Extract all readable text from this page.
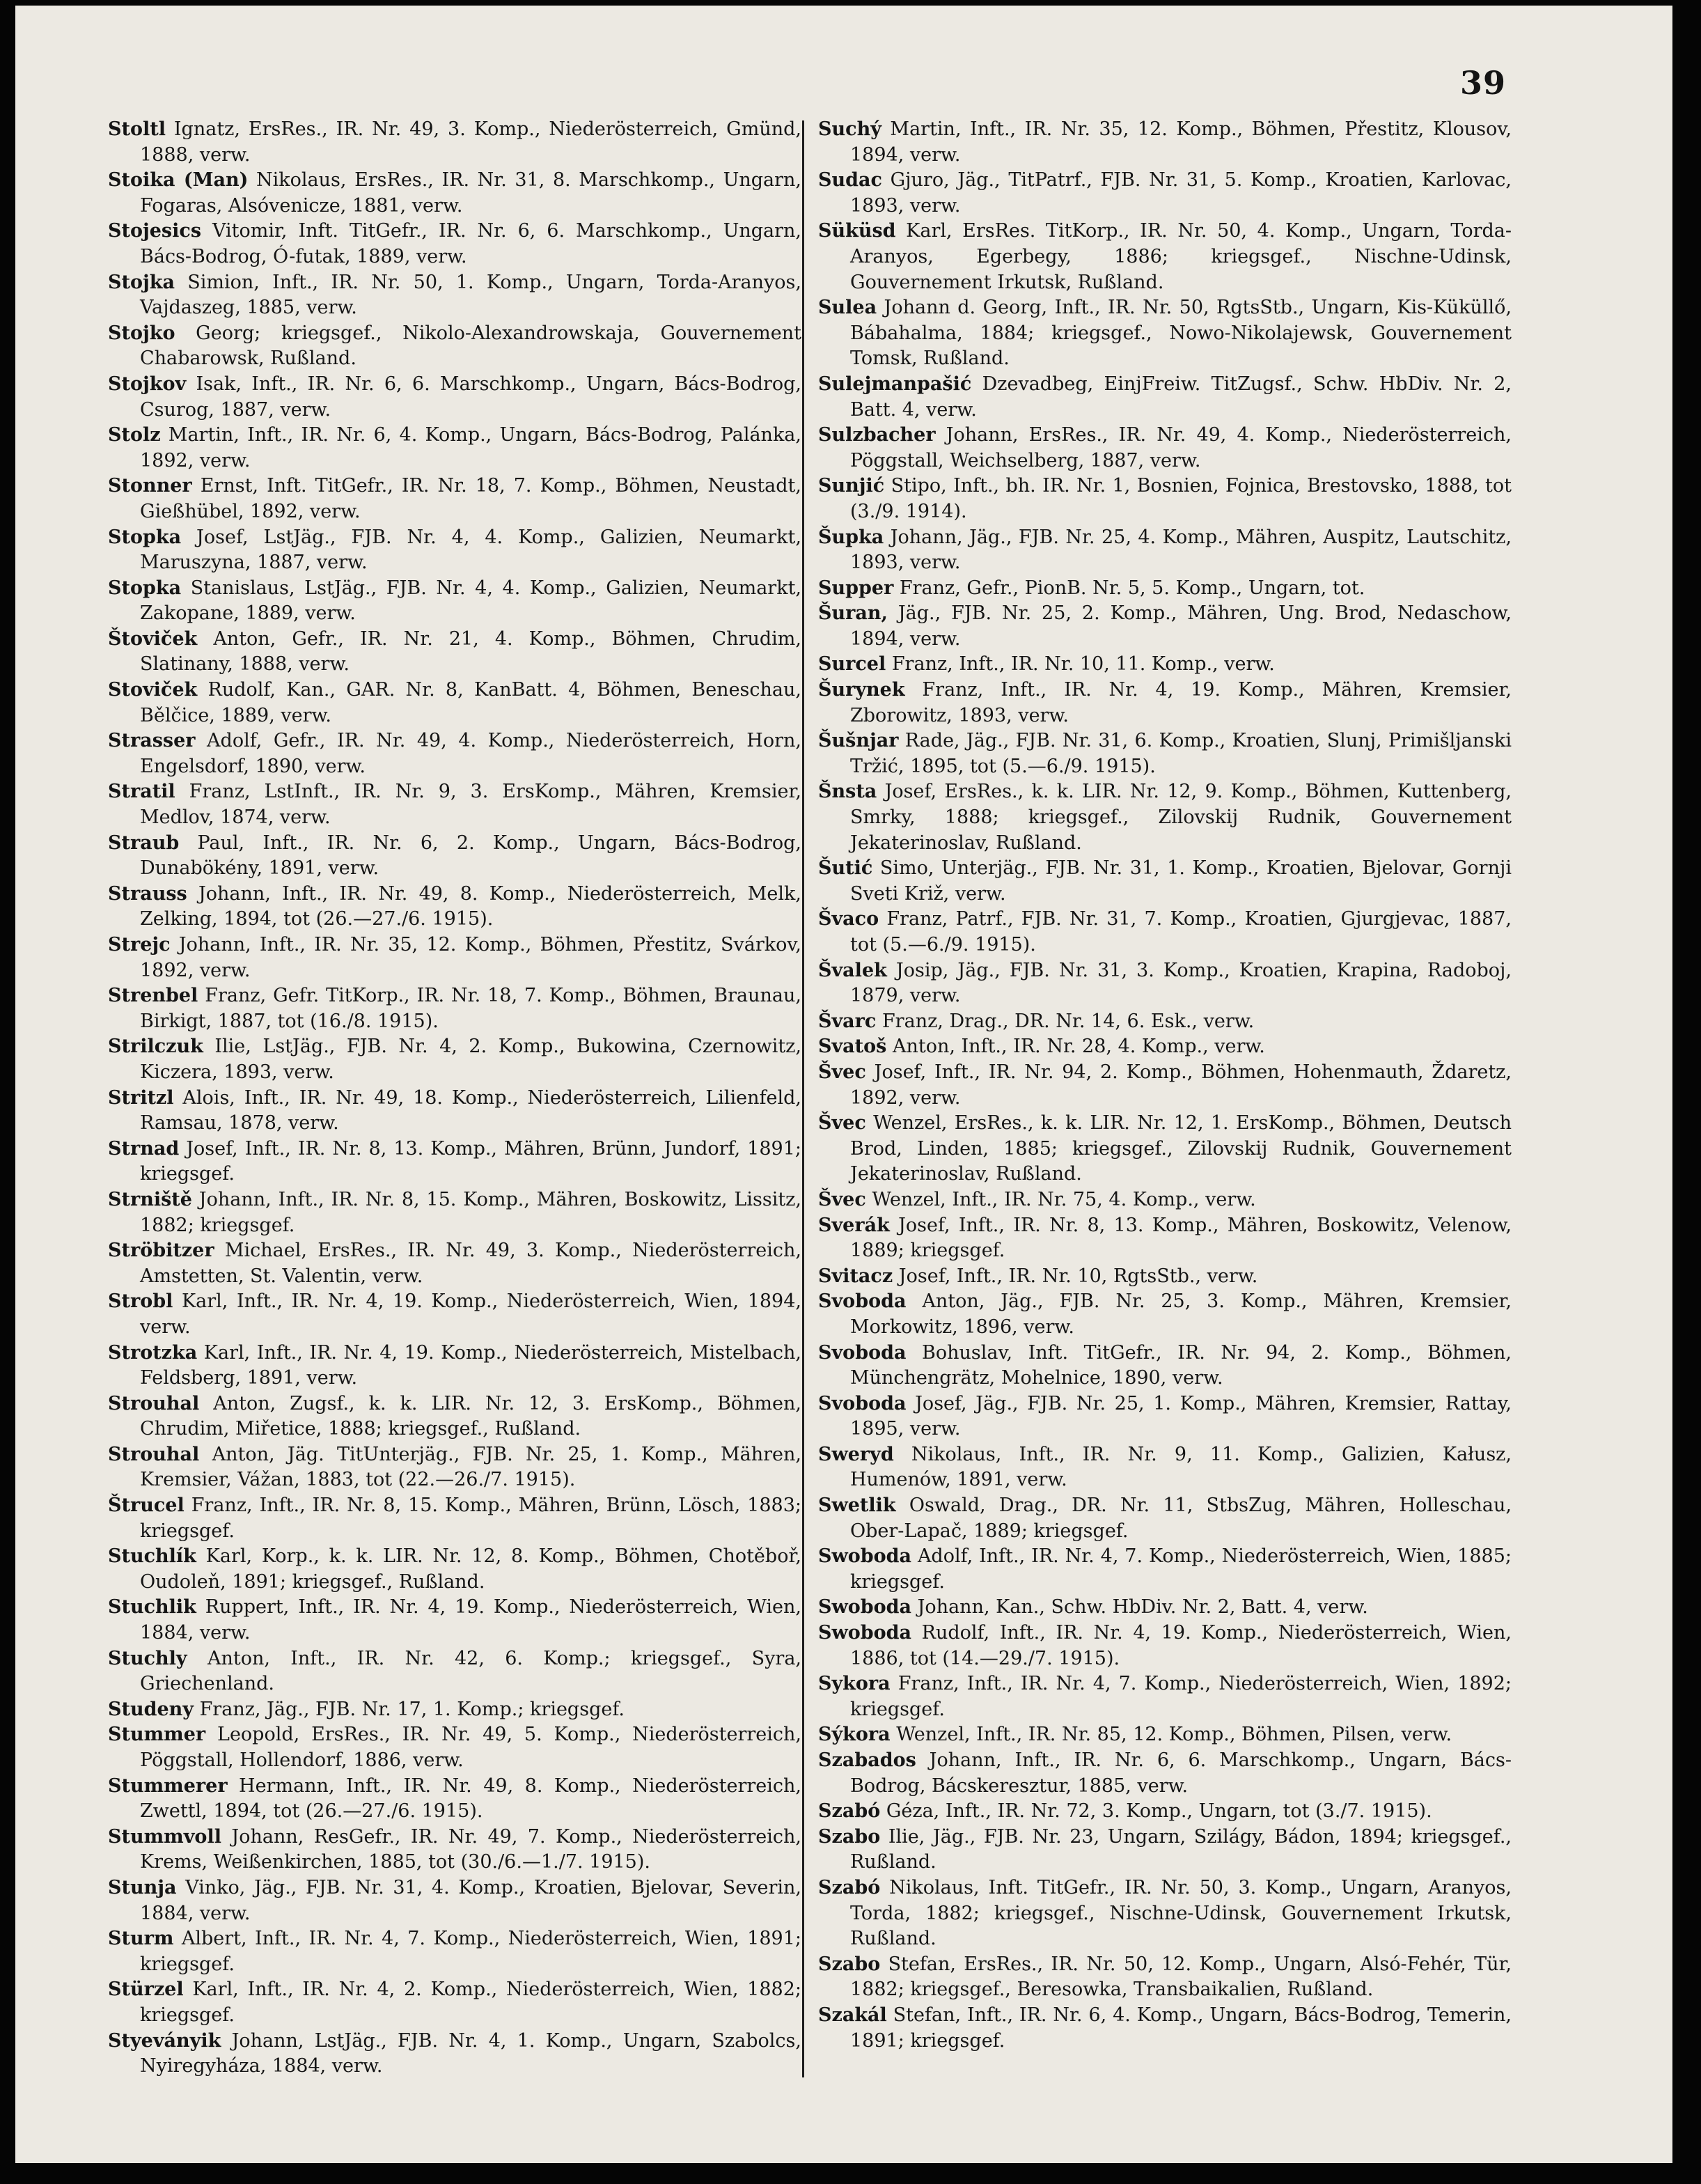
39

Stoltl Ignatz, ErsRes., IR. Nr. 49, 3. Komp., Niederösterreich, Gmünd, 1888, verw.

Stoika (Man) Nikolaus, ErsRes., IR. Nr. 31, 8. Marschkomp., Ungarn, Fogaras, Alsóvenicze, 1881, verw.

Stojesics Vitomir, Inft. TitGefr., IR. Nr. 6, 6. Marschkomp., Ungarn, Bács-Bodrog, Ó-futak, 1889, verw.

Stojka Simion, Inft., IR. Nr. 50, 1. Komp., Ungarn, Torda-Aranyos, Vajdaszeg, 1885, verw.

Stojko Georg; kriegsgef., Nikolo-Alexandrowskaja, Gouvernement Chabarowsk, Rußland.

Stojkov Isak, Inft., IR. Nr. 6, 6. Marschkomp., Ungarn, Bács-Bodrog, Csurog, 1887, verw.

Stolz Martin, Inft., IR. Nr. 6, 4. Komp., Ungarn, Bács-Bodrog, Palánka, 1892, verw.

Stonner Ernst, Inft. TitGefr., IR. Nr. 18, 7. Komp., Böhmen, Neustadt, Gießhübel, 1892, verw.

Stopka Josef, LstJäg., FJB. Nr. 4, 4. Komp., Galizien, Neumarkt, Maruszyna, 1887, verw.

Stopka Stanislaus, LstJäg., FJB. Nr. 4, 4. Komp., Galizien, Neumarkt, Zakopane, 1889, verw.

Štoviček Anton, Gefr., IR. Nr. 21, 4. Komp., Böhmen, Chrudim, Slatinany, 1888, verw.

Stoviček Rudolf, Kan., GAR. Nr. 8, KanBatt. 4, Böhmen, Beneschau, Bělčice, 1889, verw.

Strasser Adolf, Gefr., IR. Nr. 49, 4. Komp., Niederösterreich, Horn, Engelsdorf, 1890, verw.

Stratil Franz, LstInft., IR. Nr. 9, 3. ErsKomp., Mähren, Kremsier, Medlov, 1874, verw.

Straub Paul, Inft., IR. Nr. 6, 2. Komp., Ungarn, Bács-Bodrog, Dunabökény, 1891, verw.

Strauss Johann, Inft., IR. Nr. 49, 8. Komp., Niederösterreich, Melk, Zelking, 1894, tot (26.—27./6. 1915).

Strejc Johann, Inft., IR. Nr. 35, 12. Komp., Böhmen, Přestitz, Svárkov, 1892, verw.

Strenbel Franz, Gefr. TitKorp., IR. Nr. 18, 7. Komp., Böhmen, Braunau, Birkigt, 1887, tot (16./8. 1915).

Strilczuk Ilie, LstJäg., FJB. Nr. 4, 2. Komp., Bukowina, Czernowitz, Kiczera, 1893, verw.

Stritzl Alois, Inft., IR. Nr. 49, 18. Komp., Niederösterreich, Lilienfeld, Ramsau, 1878, verw.

Strnad Josef, Inft., IR. Nr. 8, 13. Komp., Mähren, Brünn, Jundorf, 1891; kriegsgef.

Strniště Johann, Inft., IR. Nr. 8, 15. Komp., Mähren, Boskowitz, Lissitz, 1882; kriegsgef.

Ströbitzer Michael, ErsRes., IR. Nr. 49, 3. Komp., Niederösterreich, Amstetten, St. Valentin, verw.

Strobl Karl, Inft., IR. Nr. 4, 19. Komp., Niederösterreich, Wien, 1894, verw.

Strotzka Karl, Inft., IR. Nr. 4, 19. Komp., Niederösterreich, Mistelbach, Feldsberg, 1891, verw.

Strouhal Anton, Zugsf., k. k. LIR. Nr. 12, 3. ErsKomp., Böhmen, Chrudim, Miřetice, 1888; kriegsgef., Rußland.

Strouhal Anton, Jäg. TitUnterjäg., FJB. Nr. 25, 1. Komp., Mähren, Kremsier, Vážan, 1883, tot (22.—26./7. 1915).

Štrucel Franz, Inft., IR. Nr. 8, 15. Komp., Mähren, Brünn, Lösch, 1883; kriegsgef.

Stuchlík Karl, Korp., k. k. LIR. Nr. 12, 8. Komp., Böhmen, Chotěboř, Oudoleň, 1891; kriegsgef., Rußland.

Stuchlik Ruppert, Inft., IR. Nr. 4, 19. Komp., Niederösterreich, Wien, 1884, verw.

Stuchly Anton, Inft., IR. Nr. 42, 6. Komp.; kriegsgef., Syra, Griechenland.

Studeny Franz, Jäg., FJB. Nr. 17, 1. Komp.; kriegsgef.

Stummer Leopold, ErsRes., IR. Nr. 49, 5. Komp., Niederösterreich, Pöggstall, Hollendorf, 1886, verw.

Stummerer Hermann, Inft., IR. Nr. 49, 8. Komp., Niederösterreich, Zwettl, 1894, tot (26.—27./6. 1915).

Stummvoll Johann, ResGefr., IR. Nr. 49, 7. Komp., Niederösterreich, Krems, Weißenkirchen, 1885, tot (30./6.—1./7. 1915).

Stunja Vinko, Jäg., FJB. Nr. 31, 4. Komp., Kroatien, Bjelovar, Severin, 1884, verw.

Sturm Albert, Inft., IR. Nr. 4, 7. Komp., Niederösterreich, Wien, 1891; kriegsgef.

Stürzel Karl, Inft., IR. Nr. 4, 2. Komp., Niederösterreich, Wien, 1882; kriegsgef.

Styeványik Johann, LstJäg., FJB. Nr. 4, 1. Komp., Ungarn, Szabolcs, Nyiregyháza, 1884, verw.

Suchý Martin, Inft., IR. Nr. 35, 12. Komp., Böhmen, Přestitz, Klousov, 1894, verw.

Sudac Gjuro, Jäg., TitPatrf., FJB. Nr. 31, 5. Komp., Kroatien, Karlovac, 1893, verw.

Süküsd Karl, ErsRes. TitKorp., IR. Nr. 50, 4. Komp., Ungarn, Torda-Aranyos, Egerbegy, 1886; kriegsgef., Nischne-Udinsk, Gouvernement Irkutsk, Rußland.

Sulea Johann d. Georg, Inft., IR. Nr. 50, RgtsStb., Ungarn, Kis-Küküllő, Bábahalma, 1884; kriegsgef., Nowo-Nikolajewsk, Gouvernement Tomsk, Rußland.

Sulejmanpašić Dzevadbeg, EinjFreiw. TitZugsf., Schw. HbDiv. Nr. 2, Batt. 4, verw.

Sulzbacher Johann, ErsRes., IR. Nr. 49, 4. Komp., Niederösterreich, Pöggstall, Weichselberg, 1887, verw.

Sunjić Stipo, Inft., bh. IR. Nr. 1, Bosnien, Fojnica, Brestovsko, 1888, tot (3./9. 1914).

Šupka Johann, Jäg., FJB. Nr. 25, 4. Komp., Mähren, Auspitz, Lautschitz, 1893, verw.

Supper Franz, Gefr., PionB. Nr. 5, 5. Komp., Ungarn, tot.

Šuran, Jäg., FJB. Nr. 25, 2. Komp., Mähren, Ung. Brod, Nedaschow, 1894, verw.

Surcel Franz, Inft., IR. Nr. 10, 11. Komp., verw.

Šurynek Franz, Inft., IR. Nr. 4, 19. Komp., Mähren, Kremsier, Zborowitz, 1893, verw.

Šušnjar Rade, Jäg., FJB. Nr. 31, 6. Komp., Kroatien, Slunj, Primišljanski Tržić, 1895, tot (5.—6./9. 1915).

Šnsta Josef, ErsRes., k. k. LIR. Nr. 12, 9. Komp., Böhmen, Kuttenberg, Smrky, 1888; kriegsgef., Zilovskij Rudnik, Gouvernement Jekaterinoslav, Rußland.

Šutić Simo, Unterjäg., FJB. Nr. 31, 1. Komp., Kroatien, Bjelovar, Gornji Sveti Križ, verw.

Švaco Franz, Patrf., FJB. Nr. 31, 7. Komp., Kroatien, Gjurgjevac, 1887, tot (5.—6./9. 1915).

Švalek Josip, Jäg., FJB. Nr. 31, 3. Komp., Kroatien, Krapina, Radoboj, 1879, verw.

Švarc Franz, Drag., DR. Nr. 14, 6. Esk., verw.

Svatoš Anton, Inft., IR. Nr. 28, 4. Komp., verw.

Švec Josef, Inft., IR. Nr. 94, 2. Komp., Böhmen, Hohenmauth, Ždaretz, 1892, verw.

Švec Wenzel, ErsRes., k. k. LIR. Nr. 12, 1. ErsKomp., Böhmen, Deutsch Brod, Linden, 1885; kriegsgef., Zilovskij Rudnik, Gouvernement Jekaterinoslav, Rußland.

Švec Wenzel, Inft., IR. Nr. 75, 4. Komp., verw.

Sverák Josef, Inft., IR. Nr. 8, 13. Komp., Mähren, Boskowitz, Velenow, 1889; kriegsgef.

Svitacz Josef, Inft., IR. Nr. 10, RgtsStb., verw.

Svoboda Anton, Jäg., FJB. Nr. 25, 3. Komp., Mähren, Kremsier, Morkowitz, 1896, verw.

Svoboda Bohuslav, Inft. TitGefr., IR. Nr. 94, 2. Komp., Böhmen, Münchengrätz, Mohelnice, 1890, verw.

Svoboda Josef, Jäg., FJB. Nr. 25, 1. Komp., Mähren, Kremsier, Rattay, 1895, verw.

Sweryd Nikolaus, Inft., IR. Nr. 9, 11. Komp., Galizien, Kałusz, Humenów, 1891, verw.

Swetlik Oswald, Drag., DR. Nr. 11, StbsZug, Mähren, Holleschau, Ober-Lapač, 1889; kriegsgef.

Swoboda Adolf, Inft., IR. Nr. 4, 7. Komp., Niederösterreich, Wien, 1885; kriegsgef.

Swoboda Johann, Kan., Schw. HbDiv. Nr. 2, Batt. 4, verw.

Swoboda Rudolf, Inft., IR. Nr. 4, 19. Komp., Niederösterreich, Wien, 1886, tot (14.—29./7. 1915).

Sykora Franz, Inft., IR. Nr. 4, 7. Komp., Niederösterreich, Wien, 1892; kriegsgef.

Sýkora Wenzel, Inft., IR. Nr. 85, 12. Komp., Böhmen, Pilsen, verw.

Szabados Johann, Inft., IR. Nr. 6, 6. Marschkomp., Ungarn, Bács-Bodrog, Bácskeresztur, 1885, verw.

Szabó Géza, Inft., IR. Nr. 72, 3. Komp., Ungarn, tot (3./7. 1915).

Szabo Ilie, Jäg., FJB. Nr. 23, Ungarn, Szilágy, Bádon, 1894; kriegsgef., Rußland.

Szabó Nikolaus, Inft. TitGefr., IR. Nr. 50, 3. Komp., Ungarn, Aranyos, Torda, 1882; kriegsgef., Nischne-Udinsk, Gouvernement Irkutsk, Rußland.

Szabo Stefan, ErsRes., IR. Nr. 50, 12. Komp., Ungarn, Alsó-Fehér, Tür, 1882; kriegsgef., Beresowka, Transbaikalien, Rußland.

Szakál Stefan, Inft., IR. Nr. 6, 4. Komp., Ungarn, Bács-Bodrog, Temerin, 1891; kriegsgef.
